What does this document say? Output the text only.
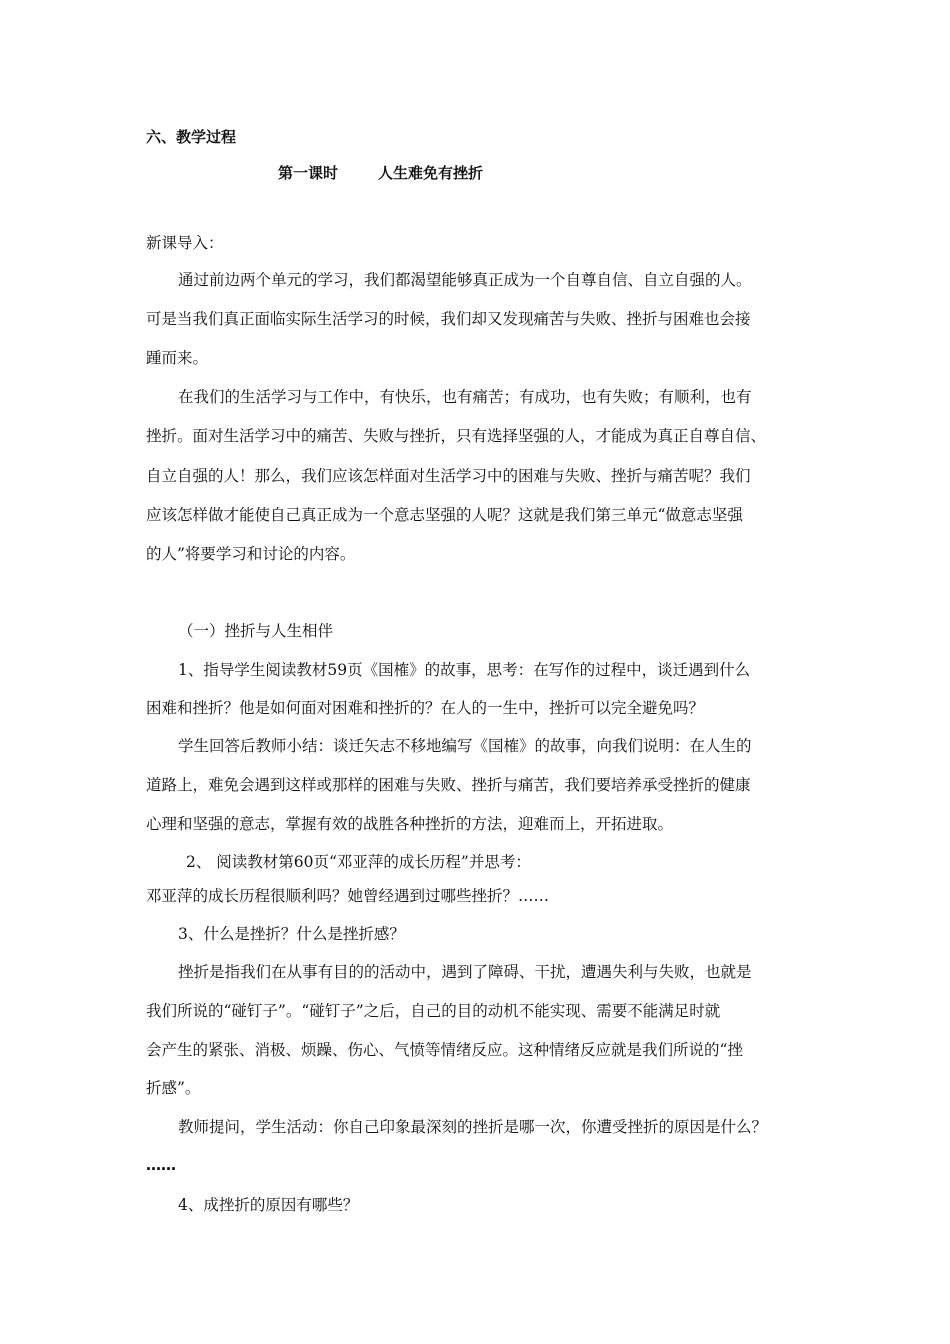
六、教学过程
第一课时	人生难免有挫折
新课导入：
通过前边两个单元的学习，我们都渴望能够真正成为一个自尊自信、自立自强的人。
可是当我们真正面临实际生活学习的时候，我们却又发现痛苦与失败、挫折与困难也会接
踵而来。
在我们的生活学习与工作中，有快乐，也有痛苦；有成功，也有失败；有顺利，也有
挫折。面对生活学习中的痛苦、失败与挫折，只有选择坚强的人，才能成为真正自尊自信、
自立自强的人！那么，我们应该怎样面对生活学习中的困难与失败、挫折与痛苦呢？我们
应该怎样做才能使自己真正成为一个意志坚强的人呢？这就是我们第三单元“做意志坚强
的人”将要学习和讨论的内容。
（一）挫折与人生相伴
1、指导学生阅读教材59页《国榷》的故事，思考：在写作的过程中，谈迁遇到什么
困难和挫折？他是如何面对困难和挫折的？在人的一生中，挫折可以完全避免吗？
学生回答后教师小结：谈迁矢志不移地编写《国榷》的故事，向我们说明：在人生的
道路上，难免会遇到这样或那样的困难与失败、挫折与痛苦，我们要培养承受挫折的健康
心理和坚强的意志，掌握有效的战胜各种挫折的方法，迎难而上，开拓进取。
2、 阅读教材第60页“邓亚萍的成长历程”并思考：
邓亚萍的成长历程很顺利吗？她曾经遇到过哪些挫折？……
3、什么是挫折？什么是挫折感？
挫折是指我们在从事有目的的活动中，遇到了障碍、干扰，遭遇失利与失败，也就是
我们所说的“碰钉子”。“碰钉子”之后，自己的目的动机不能实现、需要不能满足时就
会产生的紧张、消极、烦躁、伤心、气愤等情绪反应。这种情绪反应就是我们所说的“挫
折感”。
教师提问，学生活动：你自己印象最深刻的挫折是哪一次，你遭受挫折的原因是什么？
……
4、成挫折的原因有哪些？
